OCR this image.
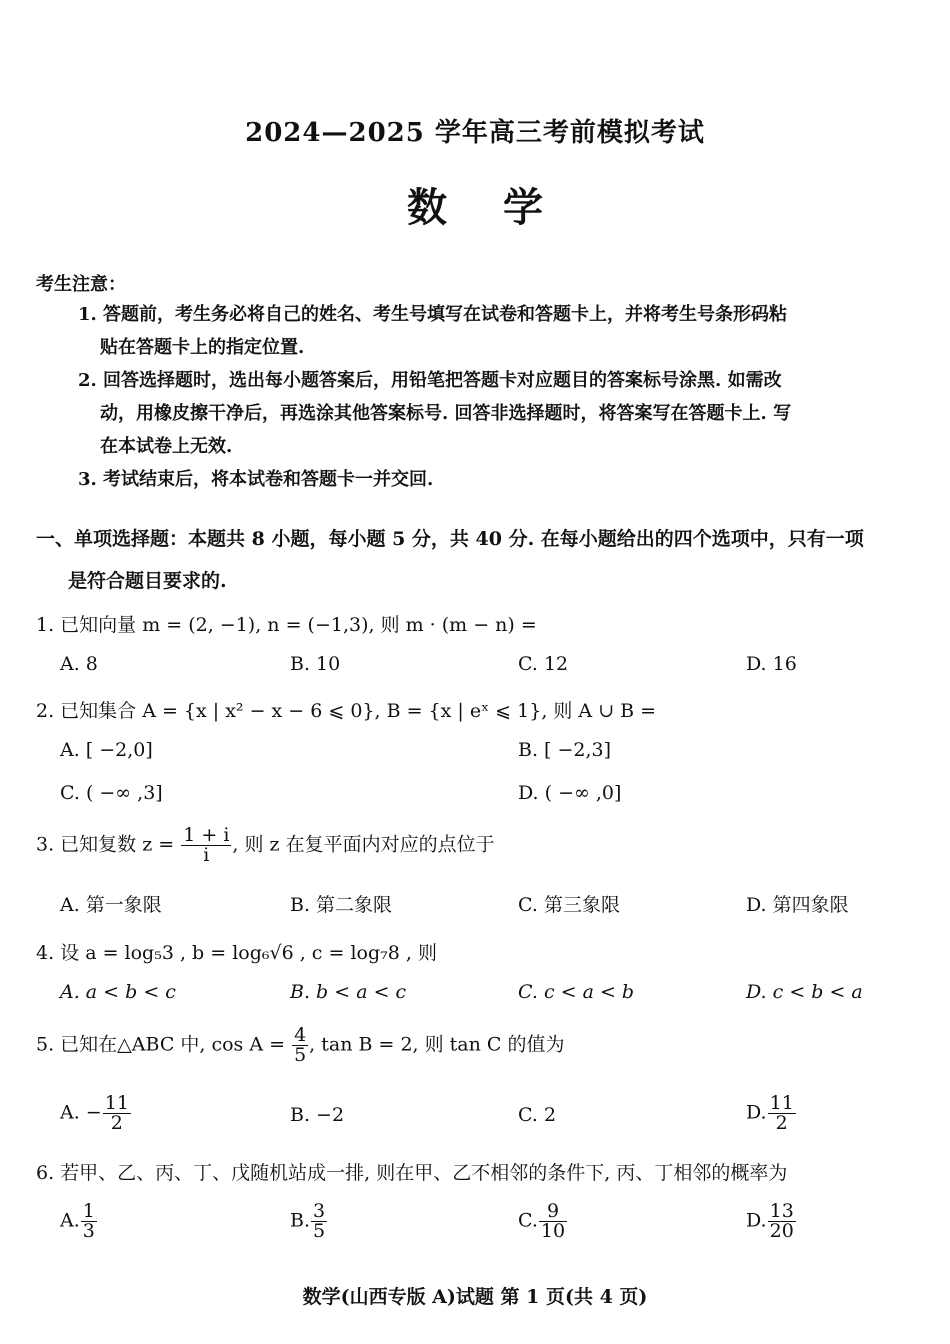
2024—2025 学年高三考前模拟考试
数学
考生注意：
1. 答题前，考生务必将自己的姓名、考生号填写在试卷和答题卡上，并将考生号条形码粘
贴在答题卡上的指定位置.
2. 回答选择题时，选出每小题答案后，用铅笔把答题卡对应题目的答案标号涂黑. 如需改
动，用橡皮擦干净后，再选涂其他答案标号. 回答非选择题时，将答案写在答题卡上. 写
在本试卷上无效.
3. 考试结束后，将本试卷和答题卡一并交回.
一、单项选择题：本题共 8 小题，每小题 5 分，共 40 分. 在每小题给出的四个选项中，只有一项
是符合题目要求的.
1. 已知向量 m = (2, −1), n = (−1,3), 则 m · (m − n) =
A. 8	B. 10	C. 12	D. 16
2. 已知集合 A = {x | x² − x − 6 ⩽ 0}, B = {x | eˣ ⩽ 1}, 则 A ∪ B =
A. [ −2,0]	B. [ −2,3]
C. ( −∞ ,3]	D. ( −∞ ,0]
3. 已知复数 $z = \frac{1 + i}{i}$ , 则 z 在复平面内对应的点位于
A. 第一象限	B. 第二象限	C. 第三象限	D. 第四象限
4. 设 a = log₅3 , b = log₆√6 , c = log₇8 , 则
A. a < b < c	B. b < a < c	C. c < a < b	D. c < b < a
5. 已知在△ABC 中, $\cos A = \frac{4}{5}$ , tan B = 2, 则 tan C 的值为
A. − $\frac{11}{2}$	B. −2	C. 2	D. $\frac{11}{2}$
6. 若甲、乙、丙、丁、戊随机站成一排, 则在甲、乙不相邻的条件下, 丙、丁相邻的概率为
A. $\frac{1}{3}$	B. $\frac{3}{5}$	C. $\frac{9}{10}$	D. $\frac{13}{20}$
数学(山西专版 A)试题 第 1 页(共 4 页)
